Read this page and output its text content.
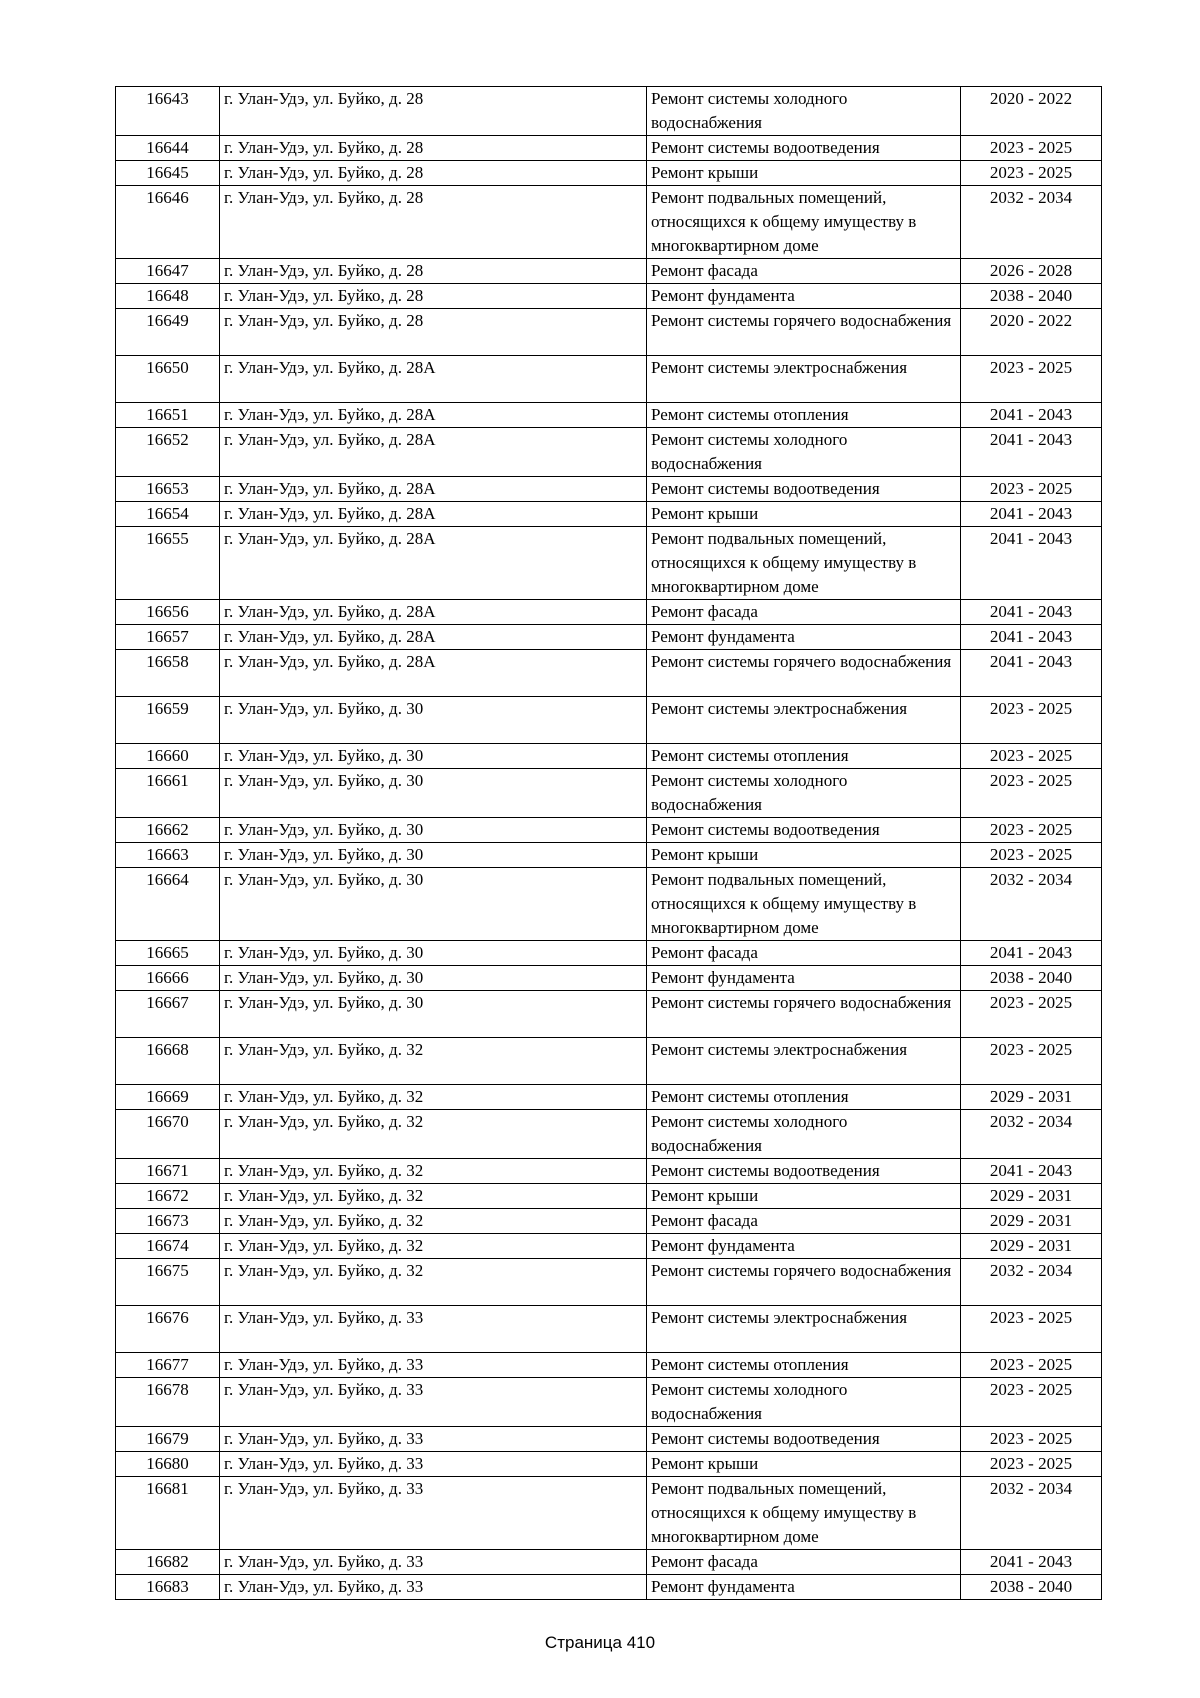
16643	г. Улан-Удэ, ул. Буйко, д. 28	Ремонт системы холодного водоснабжения	2020 - 2022
16644	г. Улан-Удэ, ул. Буйко, д. 28	Ремонт системы водоотведения	2023 - 2025
16645	г. Улан-Удэ, ул. Буйко, д. 28	Ремонт крыши	2023 - 2025
16646	г. Улан-Удэ, ул. Буйко, д. 28	Ремонт подвальных помещений, относящихся к общему имуществу в многоквартирном доме	2032 - 2034
16647	г. Улан-Удэ, ул. Буйко, д. 28	Ремонт фасада	2026 - 2028
16648	г. Улан-Удэ, ул. Буйко, д. 28	Ремонт фундамента	2038 - 2040
16649	г. Улан-Удэ, ул. Буйко, д. 28	Ремонт системы горячего водоснабжения	2020 - 2022
16650	г. Улан-Удэ, ул. Буйко, д. 28А	Ремонт системы электроснабжения	2023 - 2025
16651	г. Улан-Удэ, ул. Буйко, д. 28А	Ремонт системы отопления	2041 - 2043
16652	г. Улан-Удэ, ул. Буйко, д. 28А	Ремонт системы холодного водоснабжения	2041 - 2043
16653	г. Улан-Удэ, ул. Буйко, д. 28А	Ремонт системы водоотведения	2023 - 2025
16654	г. Улан-Удэ, ул. Буйко, д. 28А	Ремонт крыши	2041 - 2043
16655	г. Улан-Удэ, ул. Буйко, д. 28А	Ремонт подвальных помещений, относящихся к общему имуществу в многоквартирном доме	2041 - 2043
16656	г. Улан-Удэ, ул. Буйко, д. 28А	Ремонт фасада	2041 - 2043
16657	г. Улан-Удэ, ул. Буйко, д. 28А	Ремонт фундамента	2041 - 2043
16658	г. Улан-Удэ, ул. Буйко, д. 28А	Ремонт системы горячего водоснабжения	2041 - 2043
16659	г. Улан-Удэ, ул. Буйко, д. 30	Ремонт системы электроснабжения	2023 - 2025
16660	г. Улан-Удэ, ул. Буйко, д. 30	Ремонт системы отопления	2023 - 2025
16661	г. Улан-Удэ, ул. Буйко, д. 30	Ремонт системы холодного водоснабжения	2023 - 2025
16662	г. Улан-Удэ, ул. Буйко, д. 30	Ремонт системы водоотведения	2023 - 2025
16663	г. Улан-Удэ, ул. Буйко, д. 30	Ремонт крыши	2023 - 2025
16664	г. Улан-Удэ, ул. Буйко, д. 30	Ремонт подвальных помещений, относящихся к общему имуществу в многоквартирном доме	2032 - 2034
16665	г. Улан-Удэ, ул. Буйко, д. 30	Ремонт фасада	2041 - 2043
16666	г. Улан-Удэ, ул. Буйко, д. 30	Ремонт фундамента	2038 - 2040
16667	г. Улан-Удэ, ул. Буйко, д. 30	Ремонт системы горячего водоснабжения	2023 - 2025
16668	г. Улан-Удэ, ул. Буйко, д. 32	Ремонт системы электроснабжения	2023 - 2025
16669	г. Улан-Удэ, ул. Буйко, д. 32	Ремонт системы отопления	2029 - 2031
16670	г. Улан-Удэ, ул. Буйко, д. 32	Ремонт системы холодного водоснабжения	2032 - 2034
16671	г. Улан-Удэ, ул. Буйко, д. 32	Ремонт системы водоотведения	2041 - 2043
16672	г. Улан-Удэ, ул. Буйко, д. 32	Ремонт крыши	2029 - 2031
16673	г. Улан-Удэ, ул. Буйко, д. 32	Ремонт фасада	2029 - 2031
16674	г. Улан-Удэ, ул. Буйко, д. 32	Ремонт фундамента	2029 - 2031
16675	г. Улан-Удэ, ул. Буйко, д. 32	Ремонт системы горячего водоснабжения	2032 - 2034
16676	г. Улан-Удэ, ул. Буйко, д. 33	Ремонт системы электроснабжения	2023 - 2025
16677	г. Улан-Удэ, ул. Буйко, д. 33	Ремонт системы отопления	2023 - 2025
16678	г. Улан-Удэ, ул. Буйко, д. 33	Ремонт системы холодного водоснабжения	2023 - 2025
16679	г. Улан-Удэ, ул. Буйко, д. 33	Ремонт системы водоотведения	2023 - 2025
16680	г. Улан-Удэ, ул. Буйко, д. 33	Ремонт крыши	2023 - 2025
16681	г. Улан-Удэ, ул. Буйко, д. 33	Ремонт подвальных помещений, относящихся к общему имуществу в многоквартирном доме	2032 - 2034
16682	г. Улан-Удэ, ул. Буйко, д. 33	Ремонт фасада	2041 - 2043
16683	г. Улан-Удэ, ул. Буйко, д. 33	Ремонт фундамента	2038 - 2040
Страница 410
